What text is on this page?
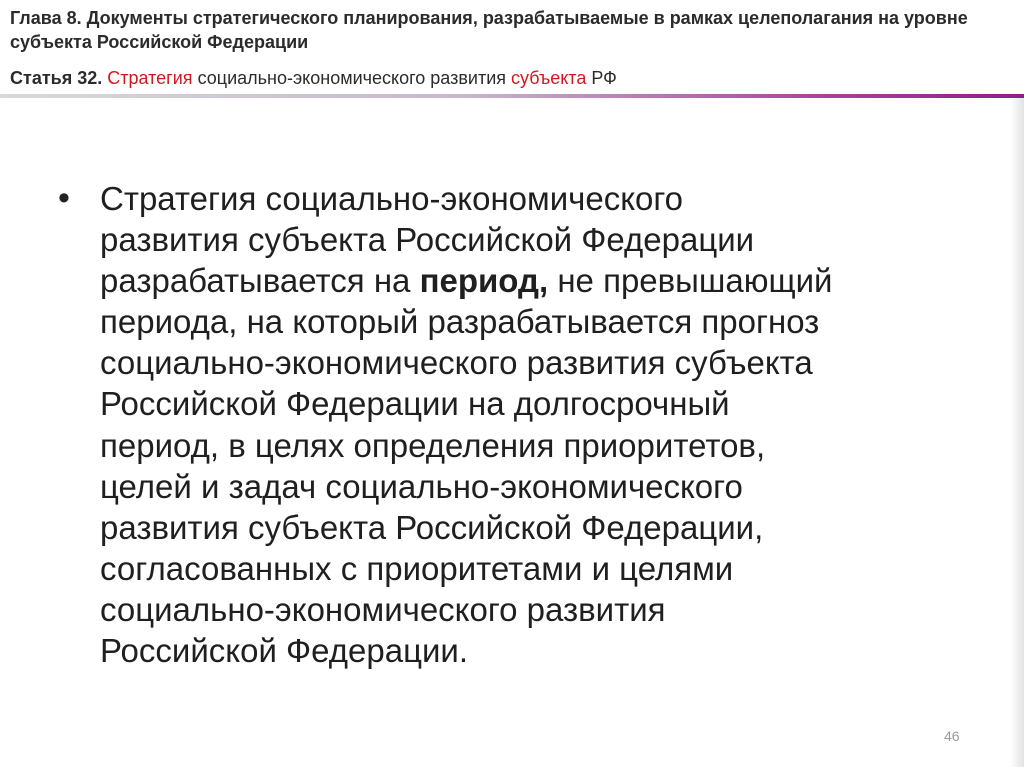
Глава 8. Документы стратегического планирования, разрабатываемые в рамках целеполагания на уровне субъекта Российской Федерации

Статья 32. Стратегия социально-экономического развития субъекта РФ

• Стратегия социально-экономического
развития субъекта Российской Федерации
разрабатывается на период, не превышающий
периода, на который разрабатывается прогноз
социально-экономического развития субъекта
Российской Федерации на долгосрочный
период, в целях определения приоритетов,
целей и задач социально-экономического
развития субъекта Российской Федерации,
согласованных с приоритетами и целями
социально-экономического развития
Российской Федерации.
46
